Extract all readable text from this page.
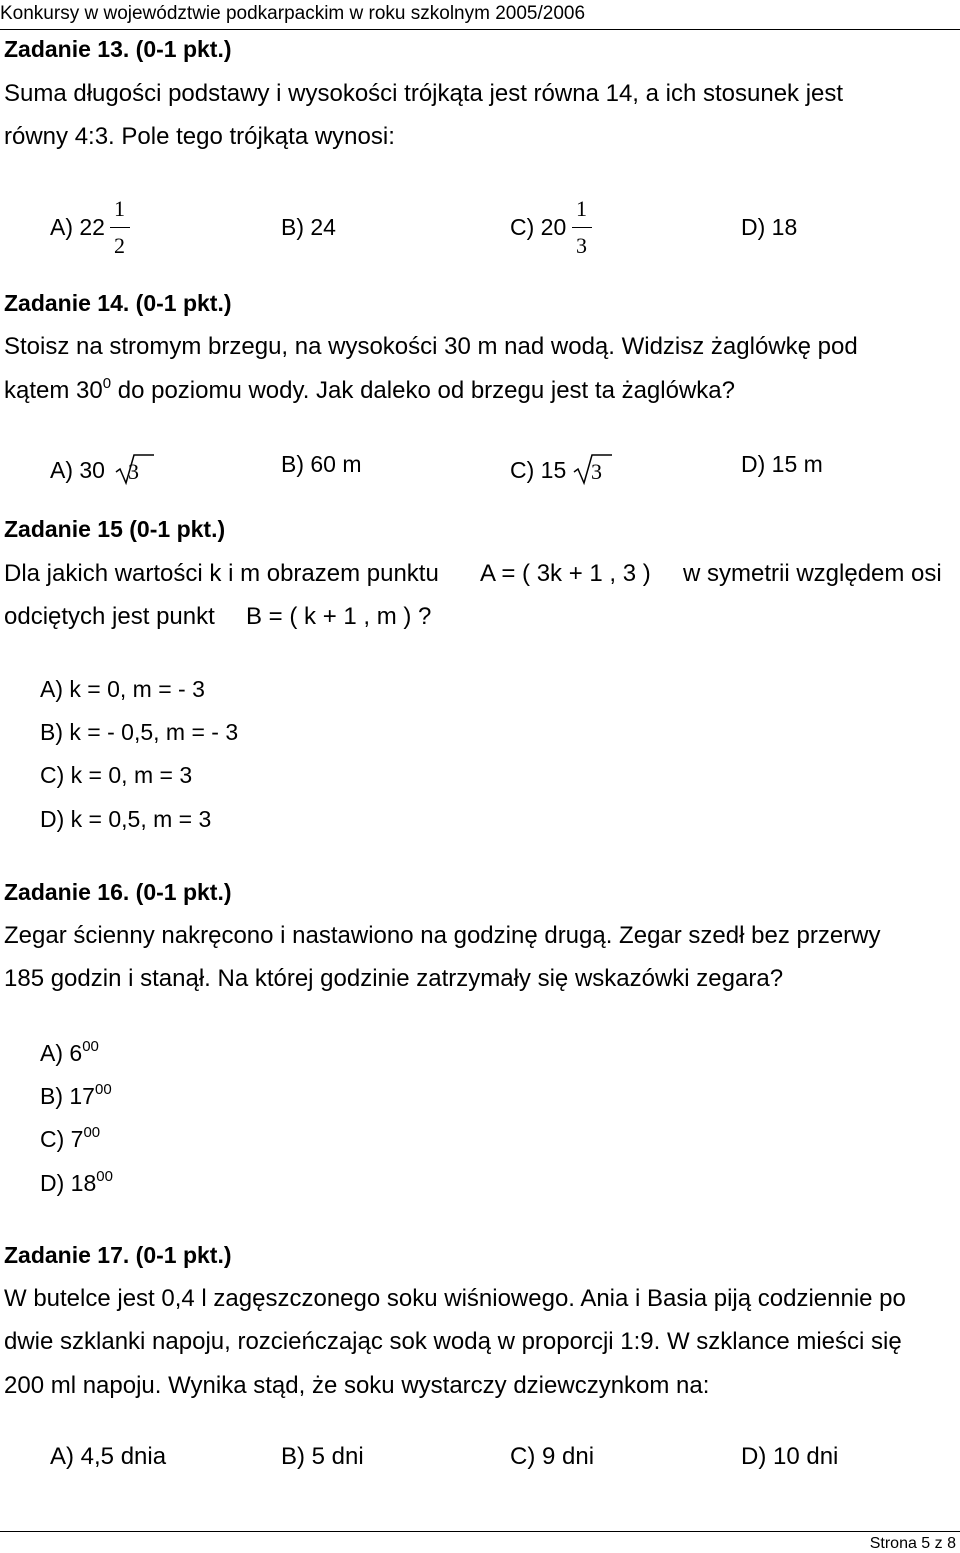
Konkursy w województwie podkarpackim w roku szkolnym 2005/2006
Zadanie 13. (0-1 pkt.)
Suma długości podstawy i wysokości trójkąta jest równa 14, a ich stosunek jest
równy 4:3. Pole tego trójkąta wynosi:
A) 22
1
2
B) 24	C) 20
1
3
D) 18
Zadanie 14. (0-1 pkt.)
Stoisz na stromym brzegu, na wysokości 30 m nad wodą. Widzisz żaglówkę pod
kątem $30^0$ do poziomu wody. Jak daleko od brzegu jest ta żaglówka?
A) 30 3	B) 60 m	C) 15 3	D) 15 m
Zadanie 15 (0-1 pkt.)
Dla jakich wartości k i m obrazem punktu A = ( 3k + 1 , 3 ) w symetrii względem osi
odciętych jest punkt B = ( k + 1 , m ) ?
A) k = 0, m = - 3
B) k = - 0,5, m = - 3
C) k = 0, m = 3
D) k = 0,5, m = 3
Zadanie 16. (0-1 pkt.)
Zegar ścienny nakręcono i nastawiono na godzinę drugą. Zegar szedł bez przerwy
185 godzin i stanął. Na której godzinie zatrzymały się wskazówki zegara?
A) $6^{00}$
B) $17^{00}$
C) $7^{00}$
D) $18^{00}$
Zadanie 17. (0-1 pkt.)
W butelce jest 0,4 l zagęszczonego soku wiśniowego. Ania i Basia piją codziennie po
dwie szklanki napoju, rozcieńczając sok wodą w proporcji 1:9. W szklance mieści się
200 ml napoju. Wynika stąd, że soku wystarczy dziewczynkom na:
A) 4,5 dnia	B) 5 dni	C) 9 dni	D) 10 dni
Strona 5 z 8
